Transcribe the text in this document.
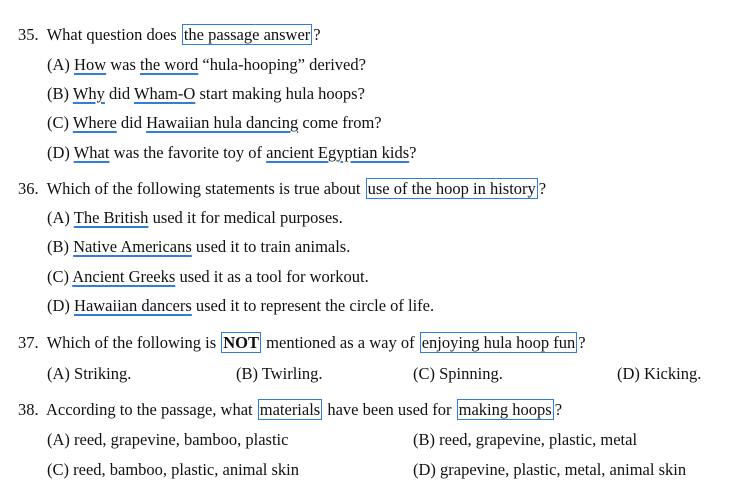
35. What question does the passage answer ?
(A) How was the word “hula-hooping” derived?
(B) Why did Wham-O start making hula hoops?
(C) Where did Hawaiian hula dancing come from?
(D) What was the favorite toy of ancient Egyptian kids?
36. Which of the following statements is true about use of the hoop in history ?
(A) The British used it for medical purposes.
(B) Native Americans used it to train animals.
(C) Ancient Greeks used it as a tool for workout.
(D) Hawaiian dancers used it to represent the circle of life.
37. Which of the following is NOT mentioned as a way of enjoying hula hoop fun ?
(A) Striking.	(B) Twirling.	(C) Spinning.	(D) Kicking.
38. According to the passage, what materials have been used for making hoops ?
(A) reed, grapevine, bamboo, plastic	(B) reed, grapevine, plastic, metal
(C) reed, bamboo, plastic, animal skin	(D) grapevine, plastic, metal, animal skin
